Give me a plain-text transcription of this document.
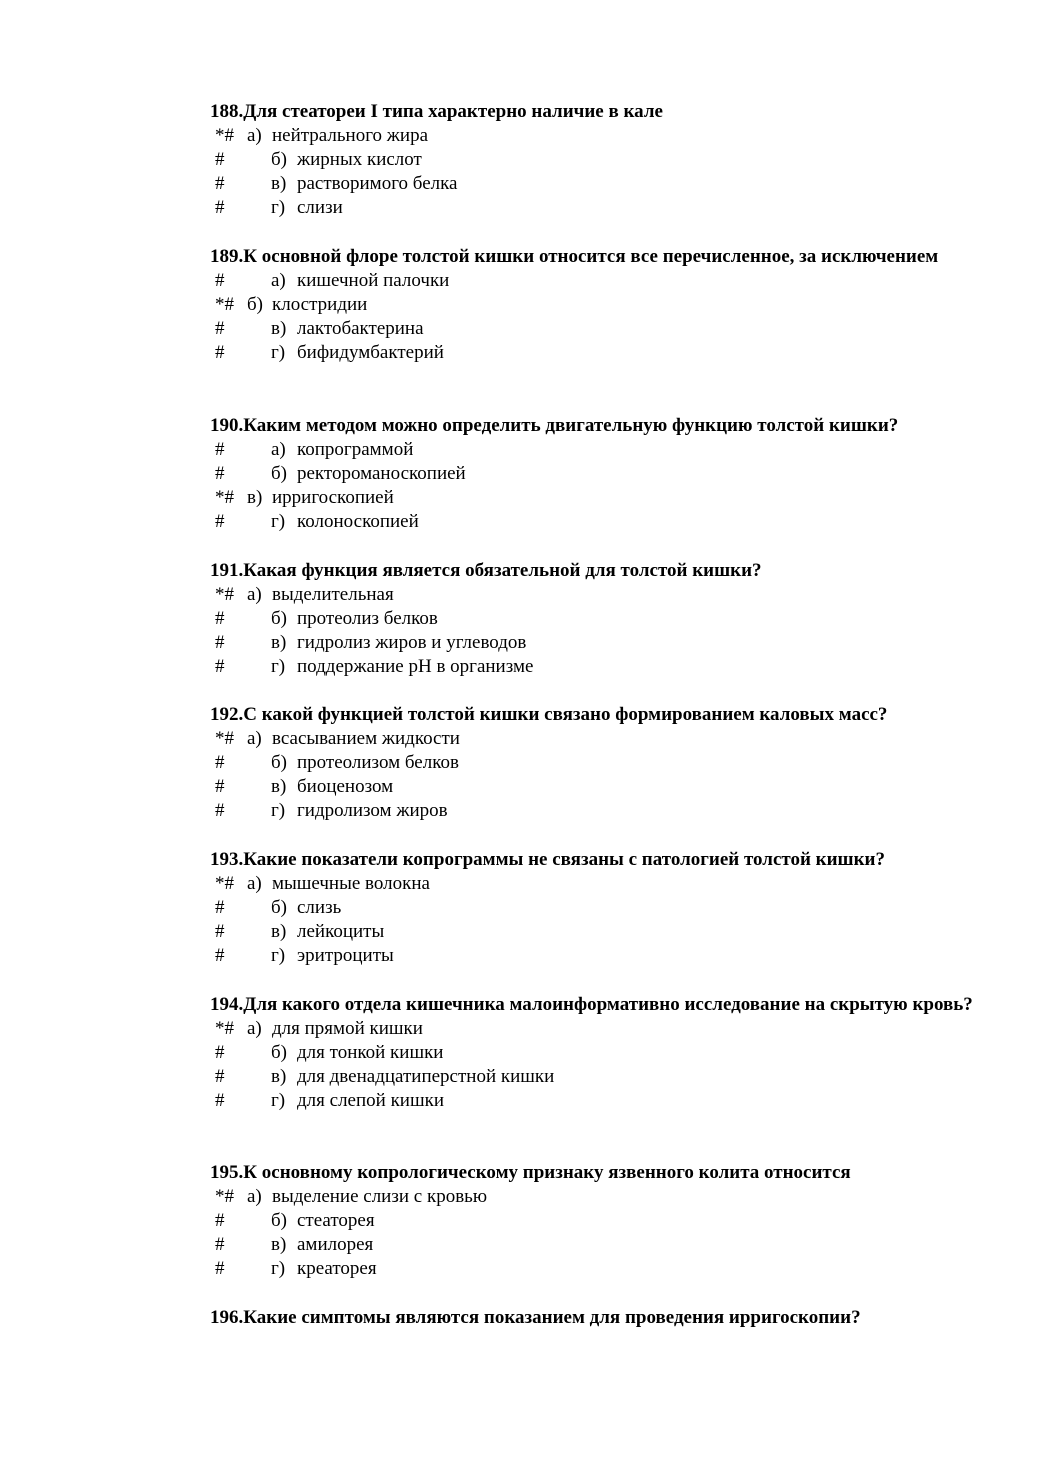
188.Для стеатореи I типа характерно наличие в кале
*# а) нейтрального жира
# б) жирных кислот
# в) растворимого белка
# г) слизи
189.К основной флоре толстой кишки относится все перечисленное, за исключением
# а) кишечной палочки
*# б) клостридии
# в) лактобактерина
# г) бифидумбактерий
190.Каким методом можно определить двигательную функцию толстой кишки?
# а) копрограммой
# б) ректороманоскопией
*# в) ирригоскопией
# г) колоноскопией
191.Какая функция является обязательной для толстой кишки?
*# а) выделительная
# б) протеолиз белков
# в) гидролиз жиров и углеводов
# г) поддержание pH в организме
192.С какой функцией толстой кишки связано формированием каловых масс?
*# а) всасыванием жидкости
# б) протеолизом белков
# в) биоценозом
# г) гидролизом жиров
193.Какие показатели копрограммы не связаны с патологией толстой кишки?
*# а) мышечные волокна
# б) слизь
# в) лейкоциты
# г) эритроциты
194.Для какого отдела кишечника малоинформативно исследование на скрытую кровь?
*# а) для прямой кишки
# б) для тонкой кишки
# в) для двенадцатиперстной кишки
# г) для слепой кишки
195.К основному копрологическому признаку язвенного колита относится
*# а) выделение слизи с кровью
# б) стеаторея
# в) амилорея
# г) креаторея
196.Какие симптомы являются показанием для проведения ирригоскопии?
